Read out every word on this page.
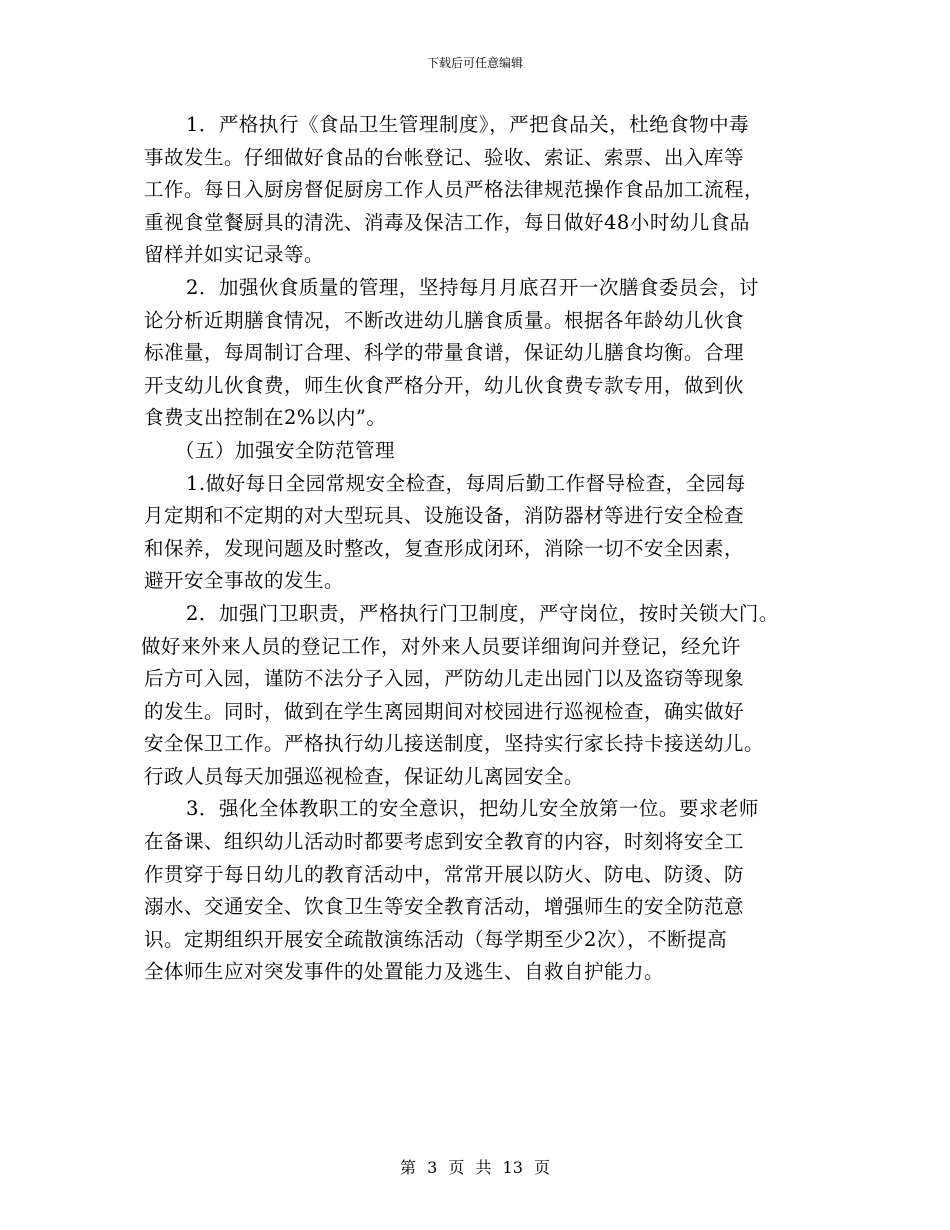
下载后可任意编辑
1．严格执行《食品卫生管理制度》，严把食品关，杜绝食物中毒
事故发生。仔细做好食品的台帐登记、验收、索证、索票、出入库等
工作。每日入厨房督促厨房工作人员严格法律规范操作食品加工流程，
重视食堂餐厨具的清洗、消毒及保洁工作，每日做好48小时幼儿食品
留样并如实记录等。
2．加强伙食质量的管理，坚持每月月底召开一次膳食委员会，讨
论分析近期膳食情况，不断改进幼儿膳食质量。根据各年龄幼儿伙食
标准量，每周制订合理、科学的带量食谱，保证幼儿膳食均衡。合理
开支幼儿伙食费，师生伙食严格分开，幼儿伙食费专款专用，做到伙
食费支出控制在2%以内”。
（五）加强安全防范管理
1.做好每日全园常规安全检查，每周后勤工作督导检查，全园每
月定期和不定期的对大型玩具、设施设备，消防器材等进行安全检查
和保养，发现问题及时整改，复查形成闭环，消除一切不安全因素，
避开安全事故的发生。
2．加强门卫职责，严格执行门卫制度，严守岗位，按时关锁大门。
做好来外来人员的登记工作，对外来人员要详细询问并登记，经允许
后方可入园，谨防不法分子入园，严防幼儿走出园门以及盗窃等现象
的发生。同时，做到在学生离园期间对校园进行巡视检查，确实做好
安全保卫工作。严格执行幼儿接送制度，坚持实行家长持卡接送幼儿。
行政人员每天加强巡视检查，保证幼儿离园安全。
3．强化全体教职工的安全意识，把幼儿安全放第一位。要求老师
在备课、组织幼儿活动时都要考虑到安全教育的内容，时刻将安全工
作贯穿于每日幼儿的教育活动中，常常开展以防火、防电、防烫、防
溺水、交通安全、饮食卫生等安全教育活动，增强师生的安全防范意
识。定期组织开展安全疏散演练活动（每学期至少2次），不断提高
全体师生应对突发事件的处置能力及逃生、自救自护能力。
第 3 页 共 13 页
